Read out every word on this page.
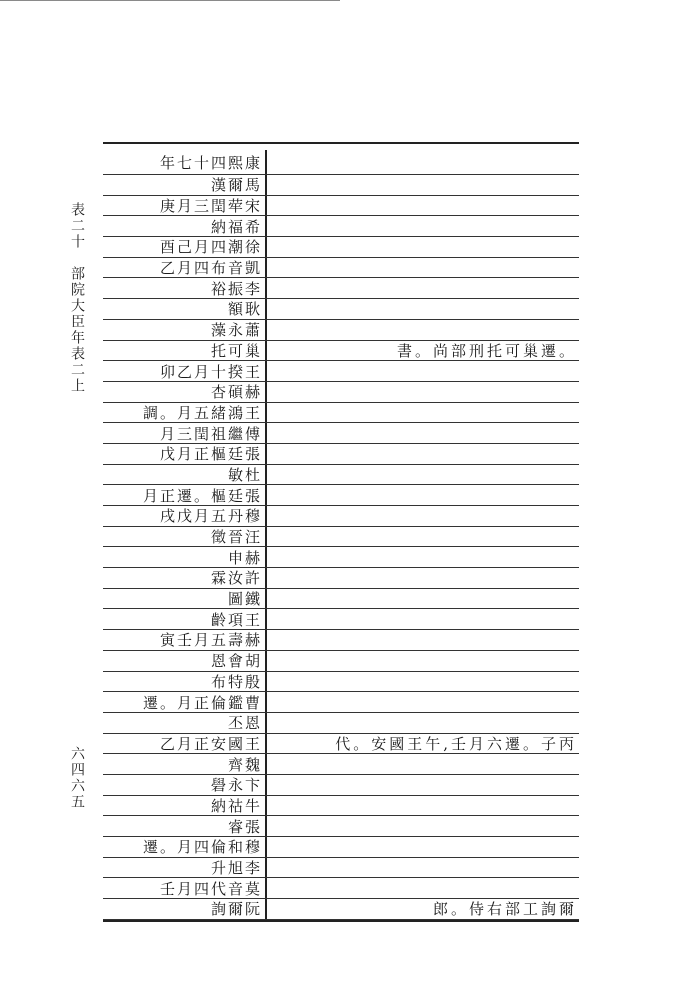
表二十　部院大臣年表二上
六四六五
年七十四熙康
漢爾馬
庚月三閏荦宋
納福希
酉己月四潮徐
乙月四布音凱
裕振李
額耿
藻永蕭
托可巢	書。尚部刑托可巢遷。
卯乙月十揆王
杏碩赫
調。月五緒鴻王
月三閏祖繼傅
戊月正樞廷張
敏杜
月正遷。樞廷張
戌戊月五丹穆
徵晉汪
申赫
霖汝許
圖鐵
齡項王
寅壬月五壽赫
恩會胡
布特殷
遷。月正倫鑑曹
丕恩
乙月正安國王	代。安國王午,壬月六遷。子丙
齊魏
礐永卞
納祜牛
睿張
遷。月四倫和穆
升旭李
壬月四代音莫
詢爾阮	郎。侍右部工詢爾
